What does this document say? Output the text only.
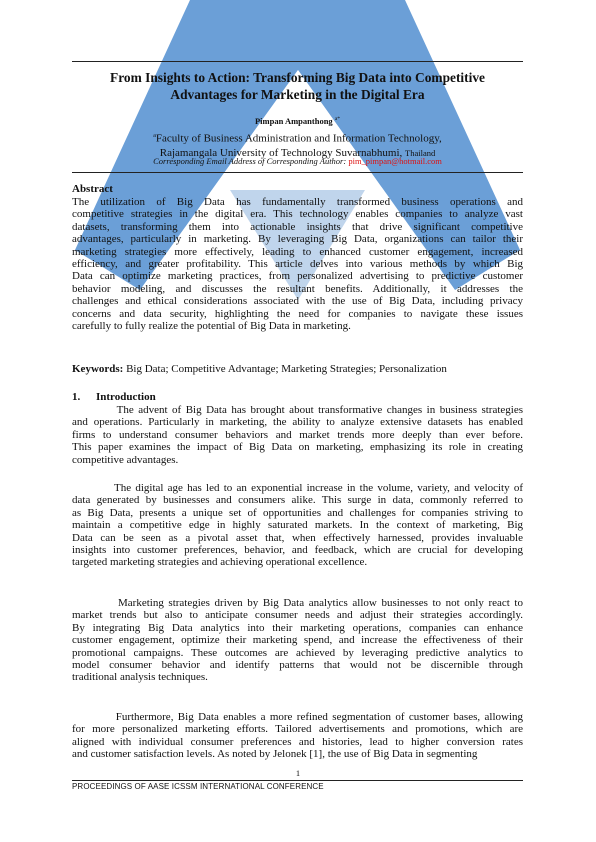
From Insights to Action: Transforming Big Data into Competitive
Advantages for Marketing in the Digital Era
Pimpan Ampanthong $^{a*}$
$^a$Faculty of Business Administration and Information Technology,
Rajamangala University of Technology Suvarnabhumi, Thailand
Corresponding Email Address of Corresponding Author: pim_pimpan@hotmail.com
Abstract
The utilization of Big Data has fundamentally transformed business operations and
competitive strategies in the digital era. This technology enables companies to analyze vast
datasets, transforming them into actionable insights that drive significant competitive
advantages, particularly in marketing. By leveraging Big Data, organizations can tailor their
marketing strategies more effectively, leading to enhanced customer engagement, increased
efficiency, and greater profitability. This article delves into various methods by which Big
Data can optimize marketing practices, from personalized advertising to predictive customer
behavior modeling, and discusses the resultant benefits. Additionally, it addresses the
challenges and ethical considerations associated with the use of Big Data, including privacy
concerns and data security, highlighting the need for companies to navigate these issues
carefully to fully realize the potential of Big Data in marketing.
Keywords: Big Data; Competitive Advantage; Marketing Strategies; Personalization
1. Introduction
The advent of Big Data has brought about transformative changes in business strategies
and operations. Particularly in marketing, the ability to analyze extensive datasets has enabled
firms to understand consumer behaviors and market trends more deeply than ever before.
This paper examines the impact of Big Data on marketing, emphasizing its role in creating
competitive advantages.
The digital age has led to an exponential increase in the volume, variety, and velocity of
data generated by businesses and consumers alike. This surge in data, commonly referred to
as Big Data, presents a unique set of opportunities and challenges for companies striving to
maintain a competitive edge in highly saturated markets. In the context of marketing, Big
Data can be seen as a pivotal asset that, when effectively harnessed, provides invaluable
insights into customer preferences, behavior, and feedback, which are crucial for developing
targeted marketing strategies and achieving operational excellence.
Marketing strategies driven by Big Data analytics allow businesses to not only react to
market trends but also to anticipate consumer needs and adjust their strategies accordingly.
By integrating Big Data analytics into their marketing operations, companies can enhance
customer engagement, optimize their marketing spend, and increase the effectiveness of their
promotional campaigns. These outcomes are achieved by leveraging predictive analytics to
model consumer behavior and identify patterns that would not be discernible through
traditional analysis techniques.
Furthermore, Big Data enables a more refined segmentation of customer bases, allowing
for more personalized marketing efforts. Tailored advertisements and promotions, which are
aligned with individual consumer preferences and histories, lead to higher conversion rates
and customer satisfaction levels. As noted by Jelonek [1], the use of Big Data in segmenting
1
PROCEEDINGS OF AASE ICSSM INTERNATIONAL CONFERENCE
